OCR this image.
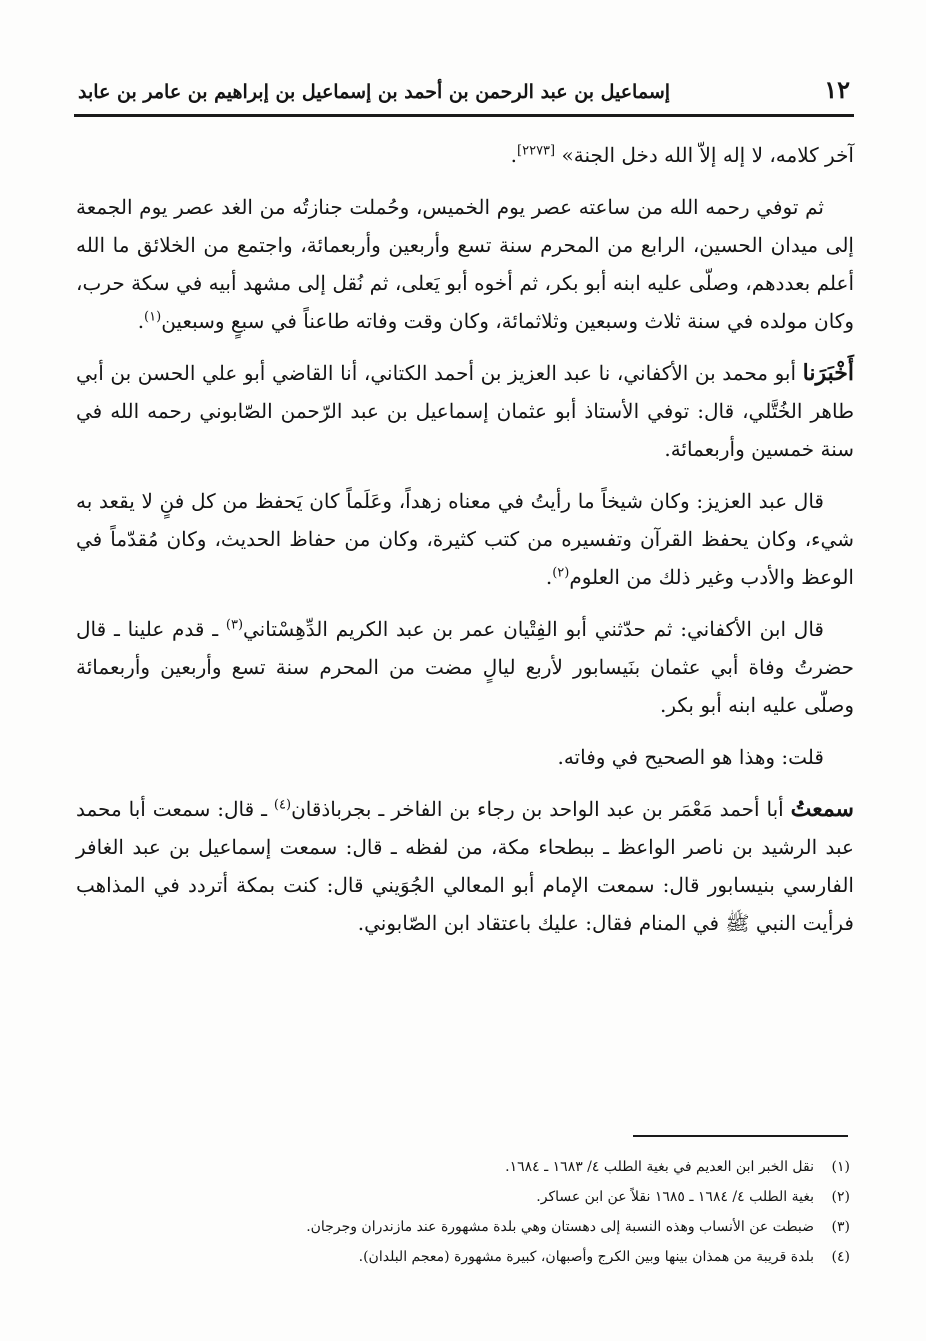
١٢
إسماعيل بن عبد الرحمن بن أحمد بن إسماعيل بن إبراهيم بن عامر بن عابد

آخر كلامه، لا إله إلاّ الله دخل الجنة» [٢٢٧٣].

ثم توفي رحمه الله من ساعته عصر يوم الخميس، وحُملت جنازتُه من الغد عصر يوم الجمعة إلى ميدان الحسين، الرابع من المحرم سنة تسع وأربعين وأربعمائة، واجتمع من الخلائق ما الله أعلم بعددهم، وصلّى عليه ابنه أبو بكر، ثم أخوه أبو يَعلى، ثم نُقل إلى مشهد أبيه في سكة حرب، وكان مولده في سنة ثلاث وسبعين وثلاثمائة، وكان وقت وفاته طاعناً في سبعٍ وسبعين$^{(١)}$.

أَخْبَرَنا أبو محمد بن الأكفاني، نا عبد العزيز بن أحمد الكتاني، أنا القاضي أبو علي الحسن بن أبي طاهر الخُتَّلي، قال: توفي الأستاذ أبو عثمان إسماعيل بن عبد الرّحمن الصّابوني رحمه الله في سنة خمسين وأربعمائة.

قال عبد العزيز: وكان شيخاً ما رأيتُ في معناه زهداً، وعَلَماً كان يَحفظ من كل فنٍ لا يقعد به شيء، وكان يحفظ القرآن وتفسيره من كتب كثيرة، وكان من حفاظ الحديث، وكان مُقدّماً في الوعظ والأدب وغير ذلك من العلوم$^{(٢)}$.

قال ابن الأكفاني: ثم حدّثني أبو الفِتْيان عمر بن عبد الكريم الدِّهِسْتاني$^{(٣)}$ ـ قدم علينا ـ قال حضرتُ وفاة أبي عثمان بنَيسابور لأربع ليالٍ مضت من المحرم سنة تسع وأربعين وأربعمائة وصلّى عليه ابنه أبو بكر.

قلت: وهذا هو الصحيح في وفاته.

سمعتُ أبا أحمد مَعْمَر بن عبد الواحد بن رجاء بن الفاخر ـ بجرباذقان$^{(٤)}$ ـ قال: سمعت أبا محمد عبد الرشيد بن ناصر الواعظ ـ ببطحاء مكة، من لفظه ـ قال: سمعت إسماعيل بن عبد الغافر الفارسي بنيسابور قال: سمعت الإمام أبو المعالي الجُوَيني قال: كنت بمكة أتردد في المذاهب فرأيت النبي ﷺ في المنام فقال: عليك باعتقاد ابن الصّابوني.

(١)
نقل الخبر ابن العديم في بغية الطلب ٤/ ١٦٨٣ ـ ١٦٨٤.
(٢)
بغية الطلب ٤/ ١٦٨٤ ـ ١٦٨٥ نقلاً عن ابن عساكر.
(٣)
ضبطت عن الأنساب وهذه النسبة إلى دهستان وهي بلدة مشهورة عند مازندران وجرجان.
(٤)
بلدة قريبة من همذان بينها وبين الكرج وأصبهان، كبيرة مشهورة (معجم البلدان).
